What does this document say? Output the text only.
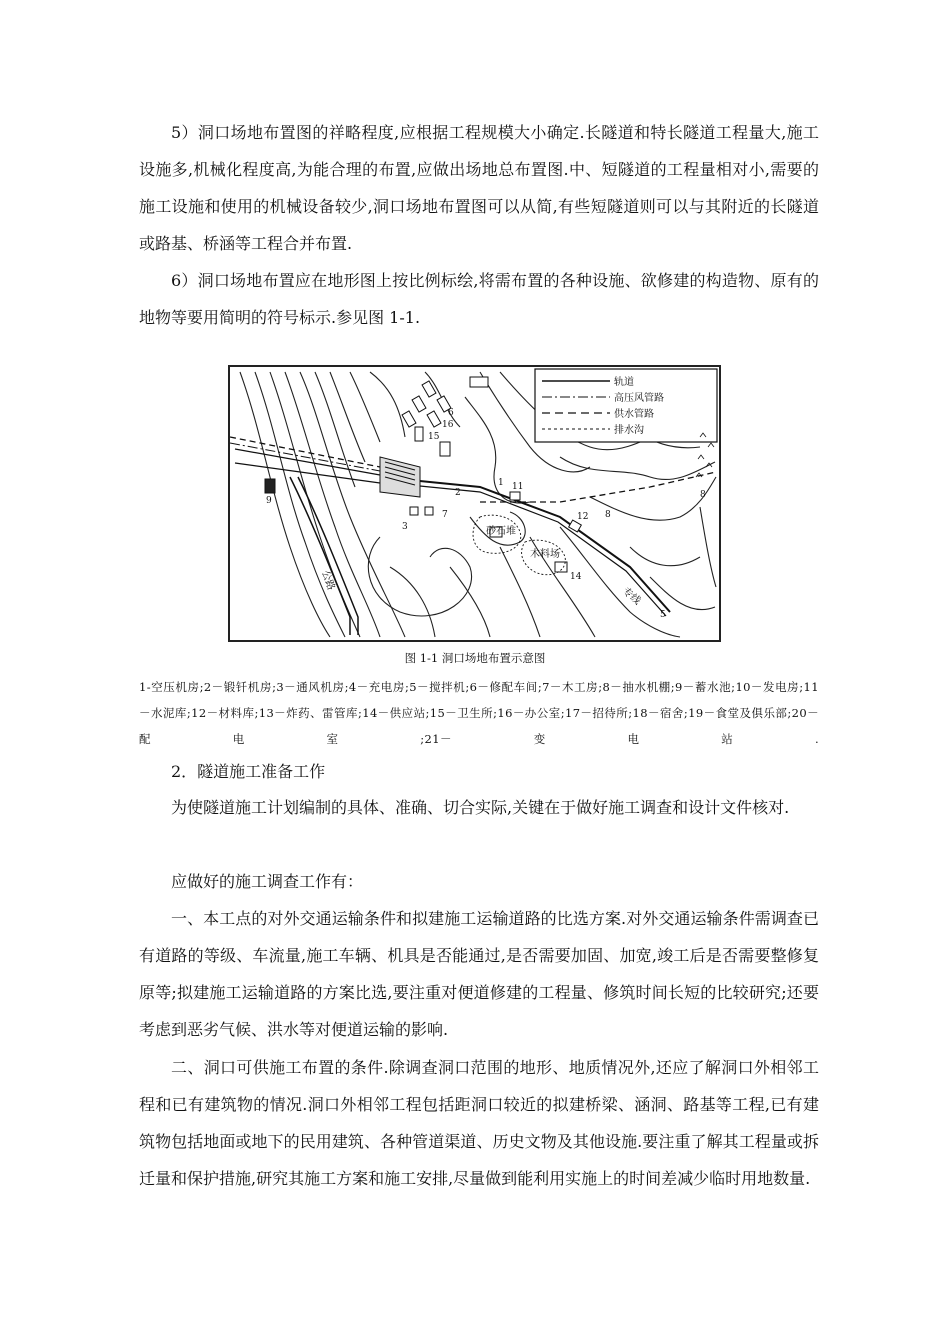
5）洞口场地布置图的祥略程度,应根据工程规模大小确定.长隧道和特长隧道工程量大,施工设施多,机械化程度高,为能合理的布置,应做出场地总布置图.中、短隧道的工程量相对小,需要的施工设施和使用的机械设备较少,洞口场地布置图可以从简,有些短隧道则可以与其附近的长隧道或路基、桥涵等工程合并布置.

6）洞口场地布置应在地形图上按比例标绘,将需布置的各种设施、欲修建的构造物、原有的地物等要用简明的符号标示.参见图 1-1.

轨道
高压风管路
供水管路
排水沟
砂石堆
木料场
公路
专线
15
16
6
9
3
8
8
14
12
11
1
2
7
5
图 1-1 洞口场地布置示意图

1-空压机房;2－锻钎机房;3－通风机房;4－充电房;5－搅拌机;6－修配车间;7－木工房;8－抽水机棚;9－蓄水池;10－发电房;11－水泥库;12－材料库;13－炸药、雷管库;14－供应站;15－卫生所;16－办公室;17－招待所;18－宿舍;19－食堂及俱乐部;20－配电室;21－变电站.

2．隧道施工准备工作

为使隧道施工计划编制的具体、准确、切合实际,关键在于做好施工调查和设计文件核对.

应做好的施工调查工作有：

一、本工点的对外交通运输条件和拟建施工运输道路的比选方案.对外交通运输条件需调查已有道路的等级、车流量,施工车辆、机具是否能通过,是否需要加固、加宽,竣工后是否需要整修复原等;拟建施工运输道路的方案比选,要注重对便道修建的工程量、修筑时间长短的比较研究;还要考虑到恶劣气候、洪水等对便道运输的影响.

二、洞口可供施工布置的条件.除调查洞口范围的地形、地质情况外,还应了解洞口外相邻工程和已有建筑物的情况.洞口外相邻工程包括距洞口较近的拟建桥梁、涵洞、路基等工程,已有建筑物包括地面或地下的民用建筑、各种管道渠道、历史文物及其他设施.要注重了解其工程量或拆迁量和保护措施,研究其施工方案和施工安排,尽量做到能利用实施上的时间差减少临时用地数量.
